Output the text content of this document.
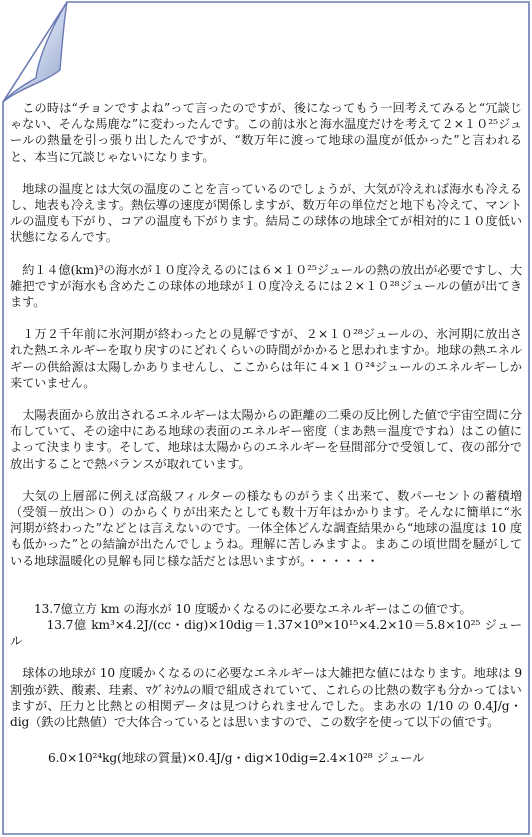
この時は“チョンですよね”って言ったのですが、後になってもう一回考えてみると“冗談じゃない、そんな馬鹿な”に変わったんです。この前は氷と海水温度だけを考えて２×１０²⁵ジュールの熱量を引っ張り出したんですが、“数万年に渡って地球の温度が低かった”と言われると、本当に冗談じゃないになります。

地球の温度とは大気の温度のことを言っているのでしょうが、大気が冷えれば海水も冷えるし、地表も冷えます。熱伝導の速度が関係しますが、数万年の単位だと地下も冷えて、マントルの温度も下がり、コアの温度も下がります。結局この球体の地球全てが相対的に１０度低い状態になるんです。

約１４億(km)³の海水が１０度冷えるのには６×１０²⁵ジュールの熱の放出が必要ですし、大雑把ですが海水も含めたこの球体の地球が１０度冷えるには２×１０²⁸ジュールの値が出てきます。

１万２千年前に氷河期が終わったとの見解ですが、２×１０²⁸ジュールの、氷河期に放出された熱エネルギーを取り戻すのにどれくらいの時間がかかると思われますか。地球の熱エネルギーの供給源は太陽しかありませんし、ここからは年に４×１０²⁴ジュールのエネルギーしか来ていません。

太陽表面から放出されるエネルギーは太陽からの距離の二乗の反比例した値で宇宙空間に分布していて、その途中にある地球の表面のエネルギー密度（まあ熱＝温度ですね）はこの値によって決まります。そして、地球は太陽からのエネルギーを昼間部分で受領して、夜の部分で放出することで熱バランスが取れています。

大気の上層部に例えば高級フィルターの様なものがうまく出来て、数パーセントの蓄積増（受領－放出＞０）のからくりが出来たとしても数十万年はかかります。そんなに簡単に“氷河期が終わった”などとは言えないのです。一体全体どんな調査結果から“地球の温度は 10 度も低かった”との結論が出たんでしょうね。理解に苦しみますよ。まあこの頃世間を騒がしている地球温暖化の見解も同じ様な話だとは思いますが。・・・・・・

13.7億立方 km の海水が 10 度暖かくなるのに必要なエネルギーはこの値です。

13.7億 km³×4.2J/(cc・dig)×10dig＝1.37×10⁹×10¹⁵×4.2×10＝5.8×10²⁵ ジュール

球体の地球が 10 度暖かくなるのに必要なエネルギーは大雑把な値にはなります。地球は 9 割強が鉄、酸素、珪素、ﾏｸﾞﾈｼｳﾑの順で組成されていて、これらの比熱の数字も分かってはいますが、圧力と比熱との相関データは見つけられませんでした。まあ水の 1/10 の 0.4J/g・dig（鉄の比熱値）で大体合っているとは思いますので、この数字を使って以下の値です。

6.0×10²⁴kg(地球の質量)×0.4J/g・dig×10dig=2.4×10²⁸ ジュール
